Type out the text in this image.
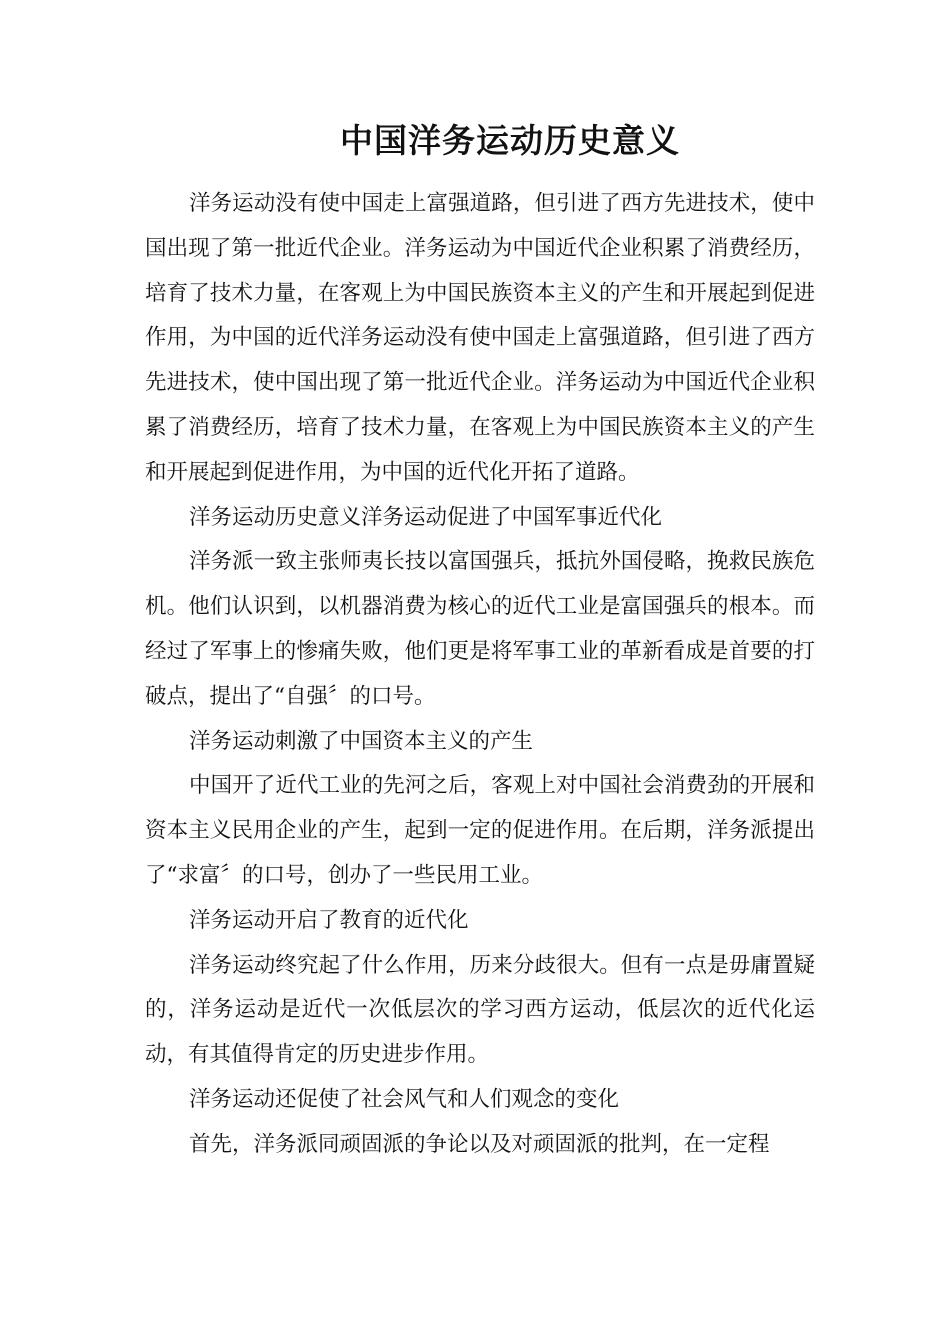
中国洋务运动历史意义

洋务运动没有使中国走上富强道路，但引进了西方先进技术，使中国出现了第一批近代企业。洋务运动为中国近代企业积累了消费经历，培育了技术力量，在客观上为中国民族资本主义的产生和开展起到促进作用，为中国的近代洋务运动没有使中国走上富强道路，但引进了西方先进技术，使中国出现了第一批近代企业。洋务运动为中国近代企业积累了消费经历，培育了技术力量，在客观上为中国民族资本主义的产生和开展起到促进作用，为中国的近代化开拓了道路。

洋务运动历史意义洋务运动促进了中国军事近代化

洋务派一致主张师夷长技以富国强兵，抵抗外国侵略，挽救民族危机。他们认识到，以机器消费为核心的近代工业是富国强兵的根本。而经过了军事上的惨痛失败，他们更是将军事工业的革新看成是首要的打破点，提出了“自强〞的口号。

洋务运动刺激了中国资本主义的产生

中国开了近代工业的先河之后，客观上对中国社会消费劲的开展和资本主义民用企业的产生，起到一定的促进作用。在后期，洋务派提出了“求富〞的口号，创办了一些民用工业。

洋务运动开启了教育的近代化

洋务运动终究起了什么作用，历来分歧很大。但有一点是毋庸置疑的，洋务运动是近代一次低层次的学习西方运动，低层次的近代化运动，有其值得肯定的历史进步作用。

洋务运动还促使了社会风气和人们观念的变化

首先，洋务派同顽固派的争论以及对顽固派的批判，在一定程
